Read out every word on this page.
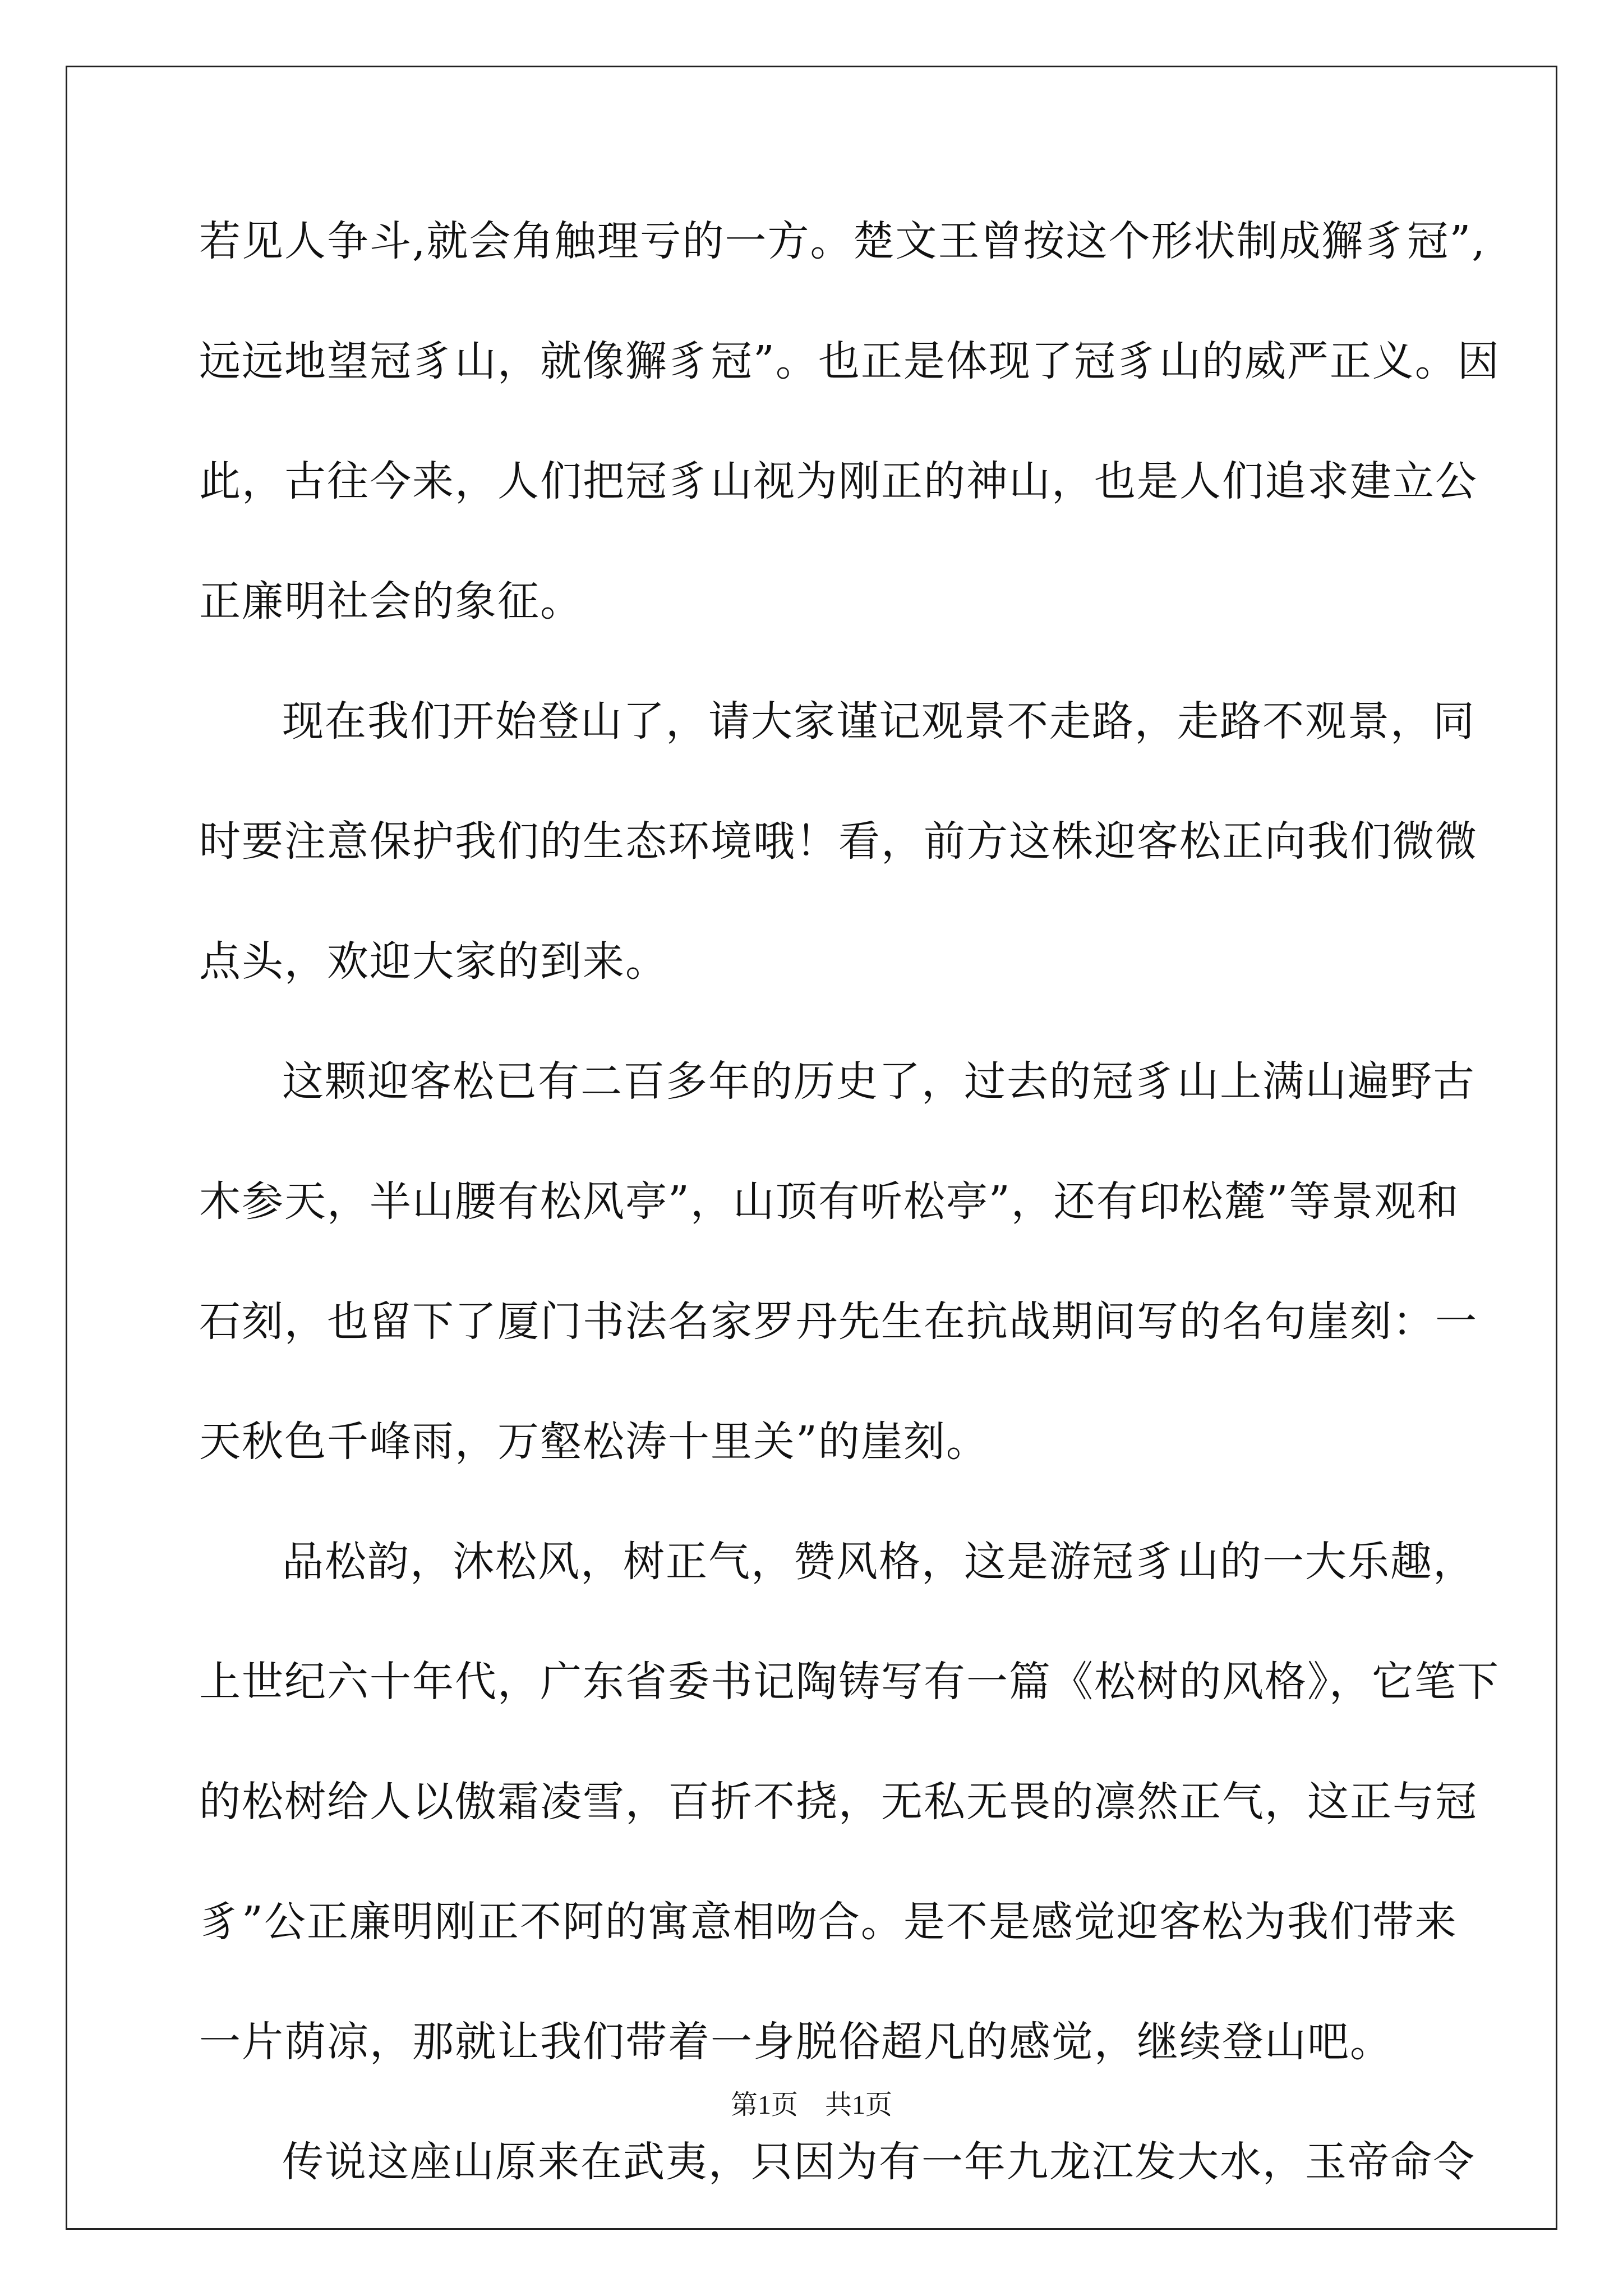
若见人争斗,就会角触理亏的一方。楚文王曾按这个形状制成獬豸冠”,
远远地望冠豸山，就像獬豸冠”。也正是体现了冠豸山的威严正义。因
此，古往今来，人们把冠豸山视为刚正的神山，也是人们追求建立公
正廉明社会的象征。
现在我们开始登山了，请大家谨记观景不走路，走路不观景，同
时要注意保护我们的生态环境哦！看，前方这株迎客松正向我们微微
点头，欢迎大家的到来。
这颗迎客松已有二百多年的历史了，过去的冠豸山上满山遍野古
木参天，半山腰有松风亭”，山顶有听松亭”，还有印松麓”等景观和
石刻，也留下了厦门书法名家罗丹先生在抗战期间写的名句崖刻：一
天秋色千峰雨，万壑松涛十里关”的崖刻。
品松韵，沐松风，树正气，赞风格，这是游冠豸山的一大乐趣，
上世纪六十年代，广东省委书记陶铸写有一篇《松树的风格》，它笔下
的松树给人以傲霜凌雪，百折不挠，无私无畏的凛然正气，这正与冠
豸”公正廉明刚正不阿的寓意相吻合。是不是感觉迎客松为我们带来
一片荫凉，那就让我们带着一身脱俗超凡的感觉，继续登山吧。
传说这座山原来在武夷，只因为有一年九龙江发大水，玉帝命令
第1页　共1页
